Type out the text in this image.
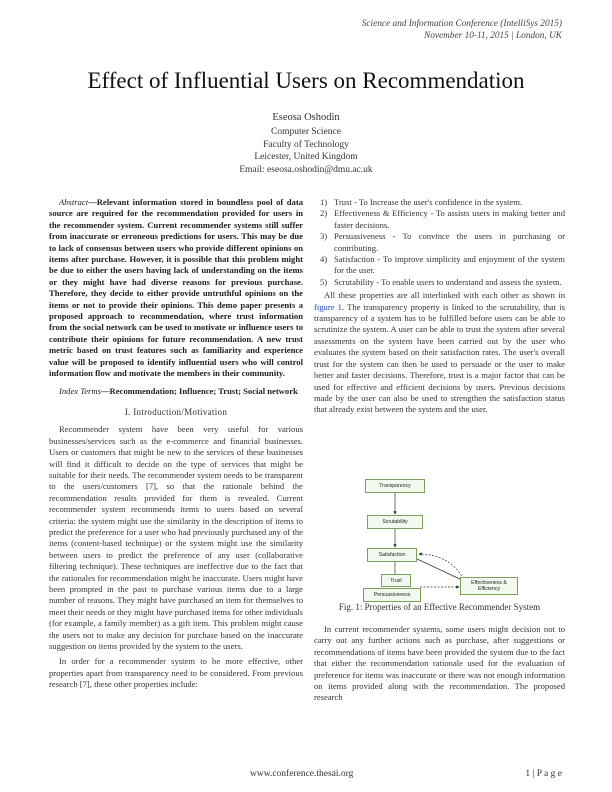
Science and Information Conference (IntelliSys 2015)
November 10-11, 2015 | London, UK
Effect of Influential Users on Recommendation
Eseosa Oshodin
Computer Science
Faculty of Technology
Leicester, United Kingdom
Email: eseosa.oshodin@dmu.ac.uk

Abstract—Relevant information stored in boundless pool of data source are required for the recommendation provided for users in the recommender system. Current recommender systems still suffer from inaccurate or erroneous predictions for users. This may be due to lack of consensus between users who provide different opinions on items after purchase. However, it is possible that this problem might be due to either the users having lack of understanding on the items or they might have had diverse reasons for previous purchase. Therefore, they decide to either provide untruthful opinions on the items or not to provide their opinions. This demo paper presents a proposed approach to recommendation, where trust information from the social network can be used to motivate or influence users to contribute their opinions for future recommendation. A new trust metric based on trust features such as familiarity and experience value will be proposed to identify influential users who will control information flow and motivate the members in their community.

Index Terms—Recommendation; Influence; Trust; Social network

I. Introduction/Motivation

Recommender system have been very useful for various businesses/services such as the e-commerce and financial businesses. Users or customers that might be new to the services of these businesses will find it difficult to decide on the type of services that might be suitable for their needs. The recommender system needs to be transparent to the users/customers [7], so that the rationale behind the recommendation results provided for them is revealed. Current recommender system recommends items to users based on several criteria: the system might use the similarity in the description of items to predict the preference for a user who had previously purchased any of the items (content-based technique) or the system might use the similarity between users to predict the preference of any user (collaborative filtering technique). These techniques are ineffective due to the fact that the rationales for recommendation might be inaccurate. Users might have been prompted in the past to purchase various items due to a large number of reasons. They might have purchased an item for themselves to meet their needs or they might have purchased items for other individuals (for example, a family member) as a gift item. This problem might cause the users not to make any decision for purchase based on the inaccurate suggestion on items provided by the system to the users.

In order for a recommender system to be more effective, other properties apart from transparency need to be considered. From previous research [7], these other properties include:

1) Trust - To Increase the user's confidence in the system.
2) Effectiveness & Efficiency - To assists users in making better and faster decisions.
3) Persuasiveness - To convince the users in purchasing or contributing.
4) Satisfaction - To improve simplicity and enjoyment of the system for the user.
5) Scrutability - To enable users to understand and assess the system.

All these properties are all interlinked with each other as shown in figure 1. The transparency property is linked to the scrutability, that is transparency of a system has to be fulfilled before users can be able to scrutinize the system. A user can be able to trust the system after several assessments on the system have been carried out by the user who evaluates the system based on their satisfaction rates. The user's overall trust for the system can then be used to persuade or the user to make better and faster decisions. Therefore, trust is a major factor that can be used for effective and efficient decisions by users. Previous decisions made by the user can also be used to strengthen the satisfaction status that already exist between the system and the user.

Transparency
Scrutability
Satisfaction
Trust
Persuasiveness
Effectiveness & Efficiency
Fig. 1: Properties of an Effective Recommender System

In current recommender systems, some users might decision not to carry out any further actions such as purchase, after suggestions or recommendations of items have been provided the system due to the fact that either the recommendation rationale used for the evaluation of preference for items was inaccurate or there was not enough information on items provided along with the recommendation. The proposed research

www.conference.thesai.org	1 | P a g e
